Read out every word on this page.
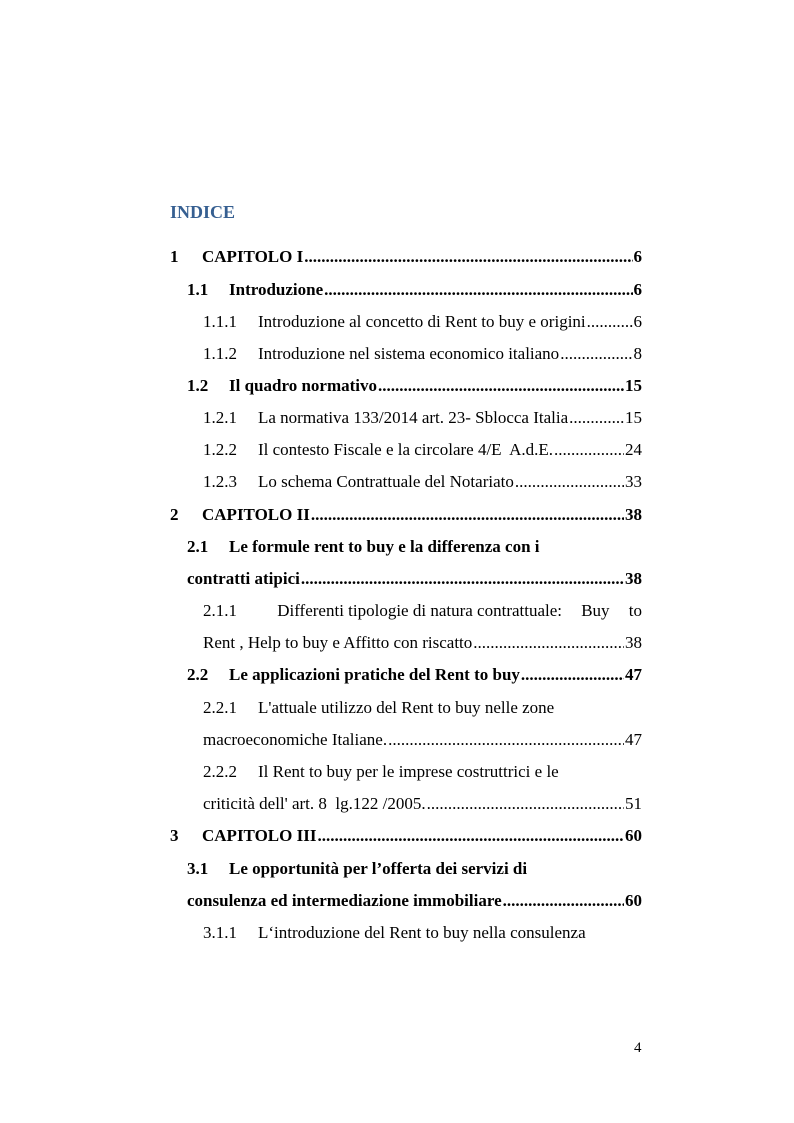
INDICE
1	CAPITOLO I .....	6
1.1	Introduzione .....	6
1.1.1	Introduzione al concetto di Rent to buy e origini .....	6
1.1.2	Introduzione nel sistema economico italiano .....	8
1.2	Il quadro normativo .....	15
1.2.1	La normativa 133/2014 art. 23- Sblocca Italia .....	15
1.2.2	Il contesto Fiscale e la circolare 4/E  A.d.E. .....	24
1.2.3	Lo schema Contrattuale del Notariato .....	33
2	CAPITOLO II .....	38
2.1 Le formule rent to buy e la differenza con i
contratti atipici .....	38
2.1.1	Differenti tipologie di natura contrattuale: Buy to
Rent , Help to buy e Affitto con riscatto .....	38
2.2	Le applicazioni pratiche del Rent to buy .....	47
2.2.1 L'attuale utilizzo del Rent to buy nelle zone
macroeconomiche Italiane. .....	47
2.2.2 Il Rent to buy per le imprese costruttrici e le
criticità dell' art. 8  lg.122 /2005. .....	51
3	CAPITOLO III .....	60
3.1 Le opportunità per l’offerta dei servizi di
consulenza ed intermediazione immobiliare .....	60
3.1.1 L‘introduzione del Rent to buy nella consulenza
4
